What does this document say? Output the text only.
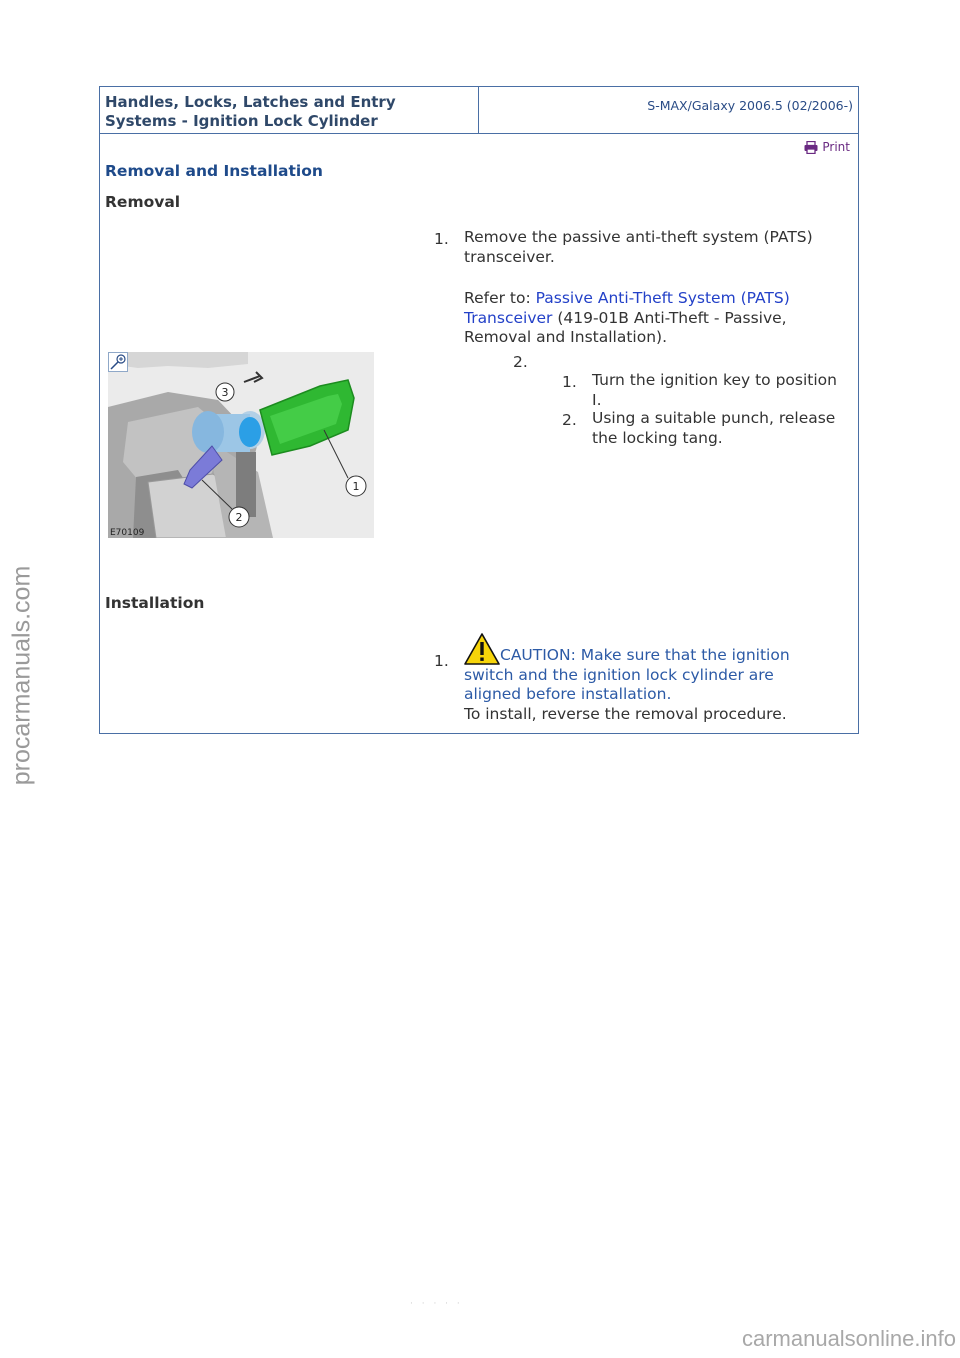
procarmanuals.com
Handles, Locks, Latches and Entry
Systems - Ignition Lock Cylinder
S-MAX/Galaxy 2006.5 (02/2006-)
Print
Removal and Installation
Removal
1. Remove the passive anti-theft system (PATS)
transceiver.
Refer to: Passive Anti-Theft System (PATS)
Transceiver (419-01B Anti-Theft - Passive,
Removal and Installation).
3
1
2
E70109
2.
1. Turn the ignition key to position
I.
2. Using a suitable punch, release
the locking tang.
Installation
1.	CAUTION: Make sure that the ignition
switch and the ignition lock cylinder are
aligned before installation.
To install, reverse the removal procedure.
· · · · ·
carmanualsonline.info
